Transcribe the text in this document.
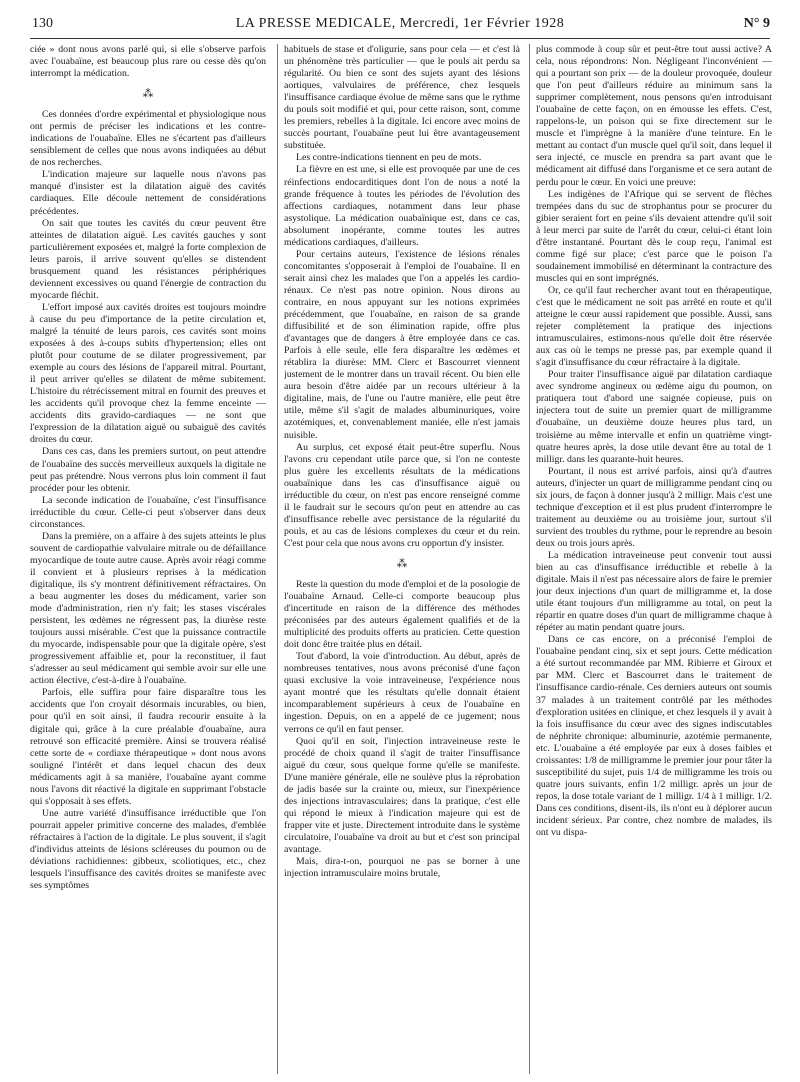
130	LA PRESSE MEDICALE, Mercredi, 1er Février 1928	N° 9

ciée » dont nous avons parlé qui, si elle s'observe parfois avec l'ouabaïne, est beaucoup plus rare ou cesse dès qu'on interrompt la médication.

⁂

Ces données d'ordre expérimental et physiologique nous ont permis de préciser les indications et les contre-indications de l'ouabaïne. Elles ne s'écartent pas d'ailleurs sensiblement de celles que nous avons indiquées au début de nos recherches.

L'indication majeure sur laquelle nous n'avons pas manqué d'insister est la dilatation aiguë des cavités cardiaques. Elle découle nettement de considérations précédentes.

On sait que toutes les cavités du cœur peuvent être atteintes de dilatation aiguë. Les cavités gauches y sont particulièrement exposées et, malgré la forte complexion de leurs parois, il arrive souvent qu'elles se distendent brusquement quand les résistances périphériques deviennent excessives ou quand l'énergie de contraction du myocarde fléchit.

L'effort imposé aux cavités droites est toujours moindre à cause du peu d'importance de la petite circulation et, malgré la ténuité de leurs parois, ces cavités sont moins exposées à des à-coups subits d'hypertension; elles ont plutôt pour coutume de se dilater progressivement, par exemple au cours des lésions de l'appareil mitral. Pourtant, il peut arriver qu'elles se dilatent de même subitement. L'histoire du rétrécissement mitral en fournit des preuves et les accidents qu'il provoque chez la femme enceinte — accidents dits gravido-cardiaques — ne sont que l'expression de la dilatation aiguë ou subaiguë des cavités droites du cœur.

Dans ces cas, dans les premiers surtout, on peut attendre de l'ouabaïne des succès merveilleux auxquels la digitale ne peut pas prétendre. Nous verrons plus loin comment il faut procéder pour les obtenir.

La seconde indication de l'ouabaïne, c'est l'insuffisance irréductible du cœur. Celle-ci peut s'observer dans deux circonstances.

Dans la première, on a affaire à des sujets atteints le plus souvent de cardiopathie valvulaire mitrale ou de défaillance myocardique de toute autre cause. Après avoir réagi comme il convient et à plusieurs reprises à la médication digitalique, ils s'y montrent définitivement réfractaires. On a beau augmenter les doses du médicament, varier son mode d'administration, rien n'y fait; les stases viscérales persistent, les œdèmes ne régressent pas, la diurèse reste toujours aussi misérable. C'est que la puissance contractile du myocarde, indispensable pour que la digitale opère, s'est progressivement affaiblie et, pour la reconstituer, il faut s'adresser au seul médicament qui semble avoir sur elle une action élective, c'est-à-dire à l'ouabaïne.

Parfois, elle suffira pour faire disparaître tous les accidents que l'on croyait désormais incurables, ou bien, pour qu'il en soit ainsi, il faudra recourir ensuite à la digitale qui, grâce à la cure préalable d'ouabaïne, aura retrouvé son efficacité première. Ainsi se trouvera réalisé cette sorte de « cordiaxe thérapeutique » dont nous avons souligné l'intérêt et dans lequel chacun des deux médicaments agit à sa manière, l'ouabaïne ayant comme nous l'avons dit réactivé la digitale en supprimant l'obstacle qui s'opposait à ses effets.

Une autre variété d'insuffisance irréductible que l'on pourrait appeler primitive concerne des malades, d'emblée réfractaires à l'action de la digitale. Le plus souvent, il s'agit d'individus atteints de lésions scléreuses du poumon ou de déviations rachidiennes: gibbeux, scoliotiques, etc., chez lesquels l'insuffisance des cavités droites se manifeste avec ses symptômes

habituels de stase et d'oligurie, sans pour cela — et c'est là un phénomène très particulier — que le pouls ait perdu sa régularité. Ou bien ce sont des sujets ayant des lésions aortiques, valvulaires de préférence, chez lesquels l'insuffisance cardiaque évolue de même sans que le rythme du pouls soit modifié et qui, pour cette raison, sont, comme les premiers, rebelles à la digitale. Ici encore avec moins de succès pourtant, l'ouabaïne peut lui être avantageusement substituée.

Les contre-indications tiennent en peu de mots.

La fièvre en est une, si elle est provoquée par une de ces réinfections endocarditiques dont l'on de nous a noté la grande fréquence à toutes les périodes de l'évolution des affections cardiaques, notamment dans leur phase asystolique. La médication ouabaïnique est, dans ce cas, absolument inopérante, comme toutes les autres médications cardiaques, d'ailleurs.

Pour certains auteurs, l'existence de lésions rénales concomitantes s'opposerait à l'emploi de l'ouabaïne. Il en serait ainsi chez les malades que l'on a appelés les cardio-rénaux. Ce n'est pas notre opinion. Nous dirons au contraire, en nous appuyant sur les notions exprimées précédemment, que l'ouabaïne, en raison de sa grande diffusibilité et de son élimination rapide, offre plus d'avantages que de dangers à être employée dans ce cas. Parfois à elle seule, elle fera disparaître les œdèmes et rétablira la diurèse: MM. Clerc et Bascourret viennent justement de le montrer dans un travail récent. Ou bien elle aura besoin d'être aidée par un recours ultérieur à la digitaline, mais, de l'une ou l'autre manière, elle peut être utile, même s'il s'agit de malades albuminuriques, voire azotémiques, et, convenablement maniée, elle n'est jamais nuisible.

Au surplus, cet exposé était peut-être superflu. Nous l'avons cru cependant utile parce que, si l'on ne conteste plus guère les excellents résultats de la médications ouabaïnique dans les cas d'insuffisance aiguë ou irréductible du cœur, on n'est pas encore renseigné comme il le faudrait sur le secours qu'on peut en attendre au cas d'insuffisance rebelle avec persistance de la régularité du pouls, et au cas de lésions complexes du cœur et du rein. C'est pour cela que nous avons cru opportun d'y insister.

⁂

Reste la question du mode d'emploi et de la posologie de l'ouabaïne Arnaud. Celle-ci comporte beaucoup plus d'incertitude en raison de la différence des méthodes préconisées par des auteurs également qualifiés et de la multiplicité des produits offerts au praticien. Cette question doit donc être traitée plus en détail.

Tout d'abord, la voie d'introduction. Au début, après de nombreuses tentatives, nous avons préconisé d'une façon quasi exclusive la voie intraveineuse, l'expérience nous ayant montré que les résultats qu'elle donnait étaient incomparablement supérieurs à ceux de l'ouabaïne en ingestion. Depuis, on en a appelé de ce jugement; nous verrons ce qu'il en faut penser.

Quoi qu'il en soit, l'injection intraveineuse reste le procédé de choix quand il s'agit de traiter l'insuffisance aiguë du cœur, sous quelque forme qu'elle se manifeste. D'une manière générale, elle ne soulève plus la réprobation de jadis basée sur la crainte ou, mieux, sur l'inexpérience des injections intravasculaires; dans la pratique, c'est elle qui répond le mieux à l'indication majeure qui est de frapper vite et juste. Directement introduite dans le système circulatoire, l'ouabaïne va droit au but et c'est son principal avantage.

Mais, dira-t-on, pourquoi ne pas se borner à une injection intramusculaire moins brutale,

plus commode à coup sûr et peut-être tout aussi active? A cela, nous répondrons: Non. Négligeant l'inconvénient — qui a pourtant son prix — de la douleur provoquée, douleur que l'on peut d'ailleurs réduire au minimum sans la supprimer complètement, nous pensons qu'en introduisant l'ouabaïne de cette façon, on en émousse les effets. C'est, rappelons-le, un poison qui se fixe directement sur le muscle et l'imprègne à la manière d'une teinture. En le mettant au contact d'un muscle quel qu'il soit, dans lequel il sera injecté, ce muscle en prendra sa part avant que le médicament ait diffusé dans l'organisme et ce sera autant de perdu pour le cœur. En voici une preuve:

Les indigènes de l'Afrique qui se servent de flèches trempées dans du suc de strophantus pour se procurer du gibier seraient fort en peine s'ils devaient attendre qu'il soit à leur merci par suite de l'arrêt du cœur, celui-ci étant loin d'être instantané. Pourtant dès le coup reçu, l'animal est comme figé sur place; c'est parce que le poison l'a soudainement immobilisé en déterminant la contracture des muscles qui en sont imprégnés.

Or, ce qu'il faut rechercher avant tout en thérapeutique, c'est que le médicament ne soit pas arrêté en route et qu'il atteigne le cœur aussi rapidement que possible. Aussi, sans rejeter complètement la pratique des injections intramusculaires, estimons-nous qu'elle doit être réservée aux cas où le temps ne presse pas, par exemple quand il s'agit d'insuffisance du cœur réfractaire à la digitale.

Pour traiter l'insuffisance aiguë par dilatation cardiaque avec syndrome angineux ou œdème aigu du poumon, on pratiquera tout d'abord une saignée copieuse, puis on injectera tout de suite un premier quart de milligramme d'ouabaïne, un deuxième douze heures plus tard, un troisième au même intervalle et enfin un quatrième vingt-quatre heures après, la dose utile devant être au total de 1 milligr. dans les quarante-huit heures.

Pourtant, il nous est arrivé parfois, ainsi qu'à d'autres auteurs, d'injecter un quart de milligramme pendant cinq ou six jours, de façon à donner jusqu'à 2 milligr. Mais c'est une technique d'exception et il est plus prudent d'interrompre le traitement au deuxième ou au troisième jour, surtout s'il survient des troubles du rythme, pour le reprendre au besoin deux ou trois jours après.

La médication intraveineuse peut convenir tout aussi bien au cas d'insuffisance irréductible et rebelle à la digitale. Mais il n'est pas nécessaire alors de faire le premier jour deux injections d'un quart de milligramme et, la dose utile étant toujours d'un milligramme au total, on peut la répartir en quatre doses d'un quart de milligramme chaque à répéter au matin pendant quatre jours.

Dans ce cas encore, on a préconisé l'emploi de l'ouabaïne pendant cinq, six et sept jours. Cette médication a été surtout recommandée par MM. Ribierre et Giroux et par MM. Clerc et Bascourret dans le traitement de l'insuffisance cardio-rénale. Ces derniers auteurs ont soumis 37 malades à un traitement contrôlé par les méthodes d'exploration usitées en clinique, et chez lesquels il y avait à la fois insuffisance du cœur avec des signes indiscutables de néphrite chronique: albuminurie, azotémie permanente, etc. L'ouabaïne a été employée par eux à doses faibles et croissantes: 1/8 de milligramme le premier jour pour tâter la susceptibilité du sujet, puis 1/4 de milligramme les trois ou quatre jours suivants, enfin 1/2 milligr. après un jour de repos, la dose totale variant de 1 milligr. 1/4 à 1 milligr. 1/2. Dans ces conditions, disent-ils, ils n'ont eu à déplorer aucun incident sérieux. Par contre, chez nombre de malades, ils ont vu dispa-
